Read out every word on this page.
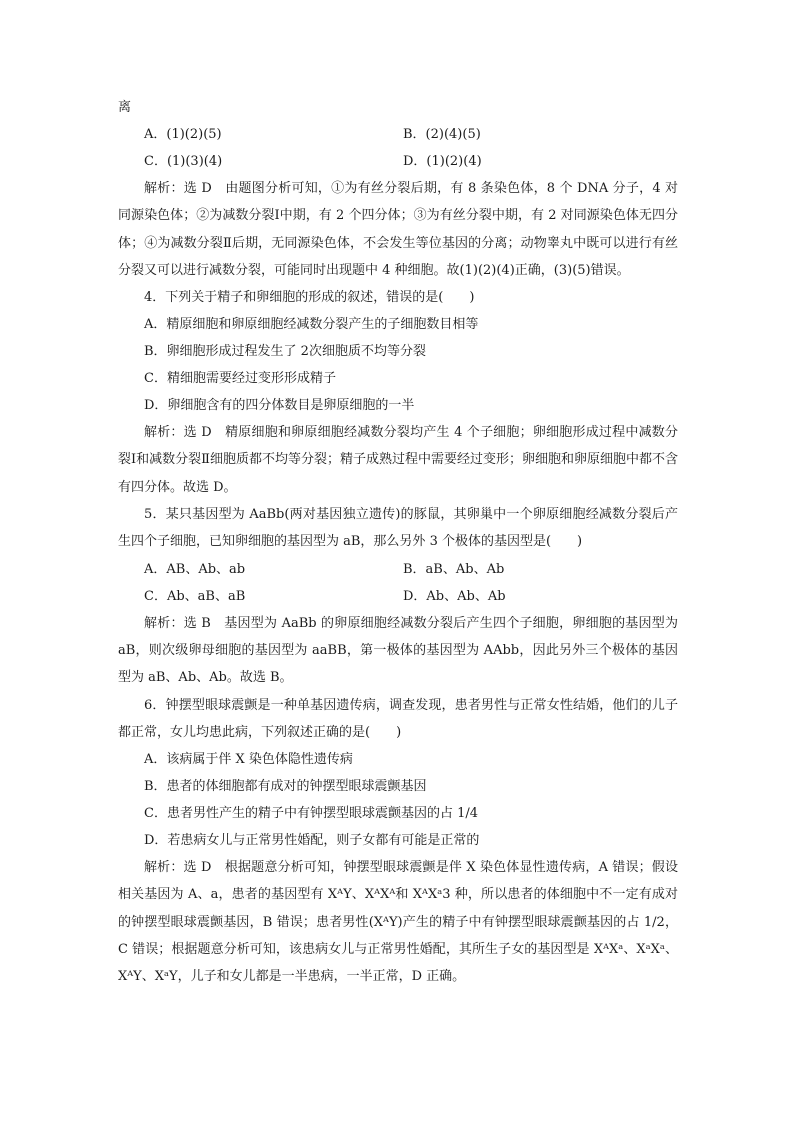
离
A．(1)(2)(5)	B．(2)(4)(5)
C．(1)(3)(4)	D．(1)(2)(4)
解析：选 D　由题图分析可知，①为有丝分裂后期，有 8 条染色体，8 个 DNA 分子，4 对同源染色体；②为减数分裂Ⅰ中期，有 2 个四分体；③为有丝分裂中期，有 2 对同源染色体无四分体；④为减数分裂Ⅱ后期，无同源染色体，不会发生等位基因的分离；动物睾丸中既可以进行有丝分裂又可以进行减数分裂，可能同时出现题中 4 种细胞。故(1)(2)(4)正确，(3)(5)错误。
4．下列关于精子和卵细胞的形成的叙述，错误的是(　　)
A．精原细胞和卵原细胞经减数分裂产生的子细胞数目相等
B．卵细胞形成过程发生了 2次细胞质不均等分裂
C．精细胞需要经过变形形成精子
D．卵细胞含有的四分体数目是卵原细胞的一半
解析：选 D　精原细胞和卵原细胞经减数分裂均产生 4 个子细胞；卵细胞形成过程中减数分裂Ⅰ和减数分裂Ⅱ细胞质都不均等分裂；精子成熟过程中需要经过变形；卵细胞和卵原细胞中都不含有四分体。故选 D。
5．某只基因型为 AaBb(两对基因独立遗传)的豚鼠，其卵巢中一个卵原细胞经减数分裂后产生四个子细胞，已知卵细胞的基因型为 aB，那么另外 3 个极体的基因型是(　　)
A．AB、Ab、ab	B．aB、Ab、Ab
C．Ab、aB、aB	D．Ab、Ab、Ab
解析：选 B　基因型为 AaBb 的卵原细胞经减数分裂后产生四个子细胞，卵细胞的基因型为 aB，则次级卵母细胞的基因型为 aaBB，第一极体的基因型为 AAbb，因此另外三个极体的基因型为 aB、Ab、Ab。故选 B。
6．钟摆型眼球震颤是一种单基因遗传病，调查发现，患者男性与正常女性结婚，他们的儿子都正常，女儿均患此病，下列叙述正确的是(　　)
A．该病属于伴 X 染色体隐性遗传病
B．患者的体细胞都有成对的钟摆型眼球震颤基因
C．患者男性产生的精子中有钟摆型眼球震颤基因的占 1/4
D．若患病女儿与正常男性婚配，则子女都有可能是正常的
解析：选 D　根据题意分析可知，钟摆型眼球震颤是伴 X 染色体显性遗传病，A 错误；假设相关基因为 A、a，患者的基因型有 XᴬY、XᴬXᴬ和 XᴬXᵃ3 种，所以患者的体细胞中不一定有成对的钟摆型眼球震颤基因，B 错误；患者男性(XᴬY)产生的精子中有钟摆型眼球震颤基因的占 1/2，C 错误；根据题意分析可知，该患病女儿与正常男性婚配，其所生子女的基因型是 XᴬXᵃ、XᵃXᵃ、XᴬY、XᵃY，儿子和女儿都是一半患病，一半正常，D 正确。
